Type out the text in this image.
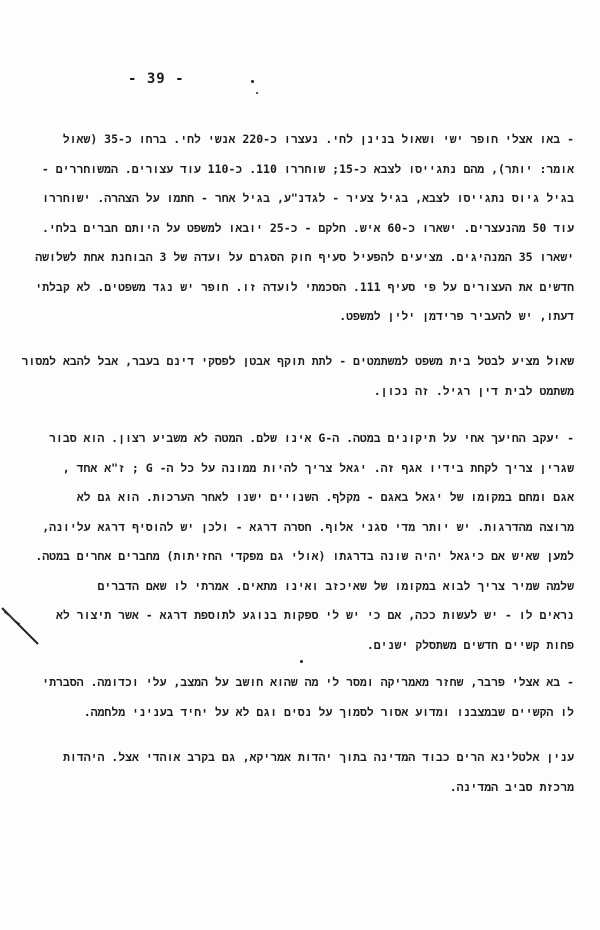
- 39 -
- באו אצלי חופר ישי ושאול בנינן לחי. נעצרו כ-220 אנשי לחי. ברחו כ-35 (שאול
אומר: יותר), מהם נתגייסו לצבא כ-15; שוחררו 110. כ-110 עוד עצורים. המשוחררים -
בגיל גיוס נתגייסו לצבא, בגיל צעיר - לגדנ"ע, בגיל אחר - חתמו על הצהרה. ישוחררו
עוד 50 מהנעצרים. ישארו כ-60 איש. חלקם - כ-25 יובאו למשפט על היותם חברים בלחי.
ישארו 35 המנהיגים. מציעים להפעיל סעיף חוק הסגרם על ועדה של 3 הבוחנת אחת לשלושה
חדשים את העצורים על פי סעיף 111. הסכמתי לועדה זו. חופר יש נגד משפטים. לא קבלתי
דעתו, יש להעביר פרידמן ילין למשפט.
שאול מציע לבטל בית משפט למשתמטים - לתת תוקף אבטן לפסקי דינם בעבר, אבל להבא למסור
משתמט לבית דין רגיל. זה נכון.
- יעקב החיעך אחי על תיקונים במטה. ה-G אינו שלם. המטה לא משביע רצון. הוא סבור
שגרין צריך לקחת בידיו אגף זה. יגאל צריך להיות ממונה על כל ה- G ; ז"א אחד ,
אגם ומחם במקומו של יגאל באגם - מקלף. השנויים ישנו לאחר הערכות. הוא גם לא
מרוצה מהדרגות. יש יותר מדי סגני אלוף. חסרה דרגא - ולכן יש להוסיף דרגא עליונה,
למען שאיש אם כיגאל יהיה שונה בדרגתו (אולי גם מפקדי החזיתות) מחברים אחרים במטה.
שלמה שמיר צריך לבוא במקומו של שאיכזב ואינו מתאים. אמרתי לו שאם הדברים
נראים לו - יש לעשות ככה, אם כי יש לי ספקות בנוגע לתוספת דרגא - אשר תיצור לא
פחות קשיים חדשים משתסלק ישנים.
- בא אצלי פרבר, שחזר מאמריקה ומסר לי מה שהוא חושב על המצב, עלי וכדומה. הסברתי
לו הקשיים שבמצבנו ומדוע אסור לסמוך על נסים וגם לא על יחיד בעניני מלחמה.
ענין אלטלינא הרים כבוד המדינה בתוך יהדות אמריקא, גם בקרב אוהדי אצל. היהדות
מרכזת סביב המדינה.
